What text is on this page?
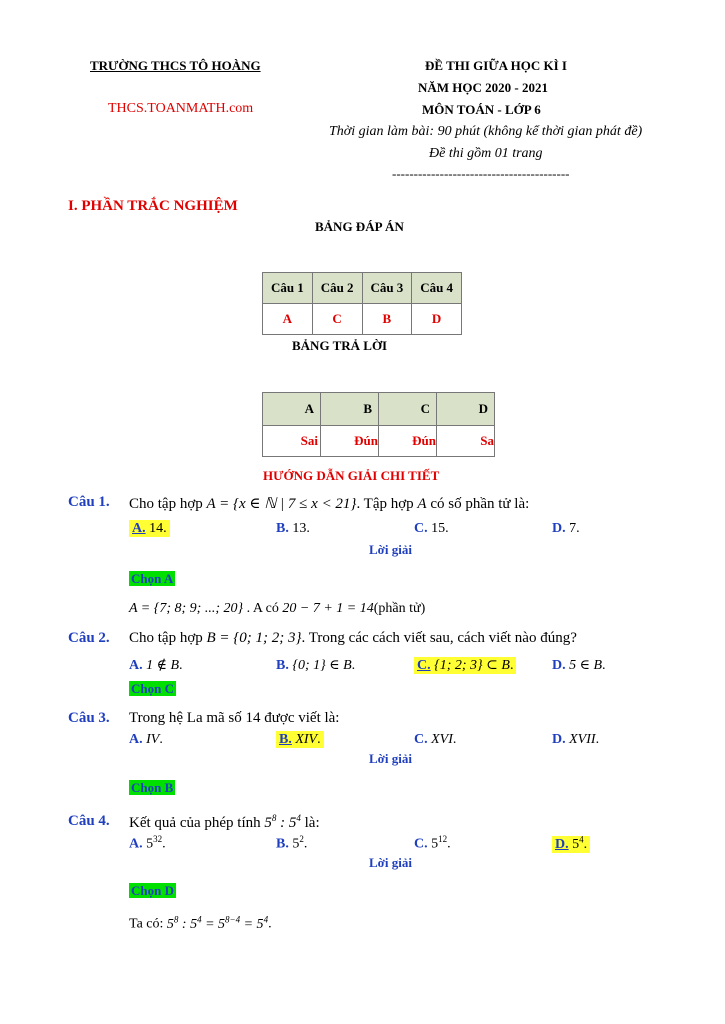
TRƯỜNG THCS TÔ HOÀNG
THCS.TOANMATH.com
ĐỀ THI GIỮA HỌC KÌ I
NĂM HỌC 2020 - 2021
MÔN TOÁN - LỚP 6
Thời gian làm bài: 90 phút (không kể thời gian phát đề)
Đề thi gồm 01 trang
-----------------------------------------
I. PHẦN TRẮC NGHIỆM
BẢNG ĐÁP ÁN
Câu 1	Câu 2	Câu 3	Câu 4
A	C	B	D
BẢNG TRẢ LỜI
A	B	C	D
Sai	Đún	Đún	Sa
HƯỚNG DẪN GIẢI CHI TIẾT
Câu 1. Cho tập hợp A = {x ∈ ℕ | 7 ≤ x < 21}. Tập hợp A có số phần tử là:
A. 14.	B. 13.	C. 15.	D. 7.
Lời giải
Chọn A
A = {7; 8; 9; ...; 20} . A có 20 − 7 + 1 = 14(phần tử)
Câu 2. Cho tập hợp B = {0; 1; 2; 3}. Trong các cách viết sau, cách viết nào đúng?
A. 1 ∉ B.	B. {0; 1} ∈ B.	C. {1; 2; 3} ⊂ B.	D. 5 ∈ B.
Chọn C
Câu 3. Trong hệ La mã số 14 được viết là:
A. IV.	B. XIV.	C. XVI.	D. XVII.
Lời giải
Chọn B
Câu 4. Kết quả của phép tính $5^8$ : $5^4$ là:
A. $5^{32}$.	B. $5^2$.	C. $5^{12}$.	D. $5^4$.
Lời giải
Chọn D
Ta có: $5^8$ : $5^4 = 5^{8-4} = 5^4$.
